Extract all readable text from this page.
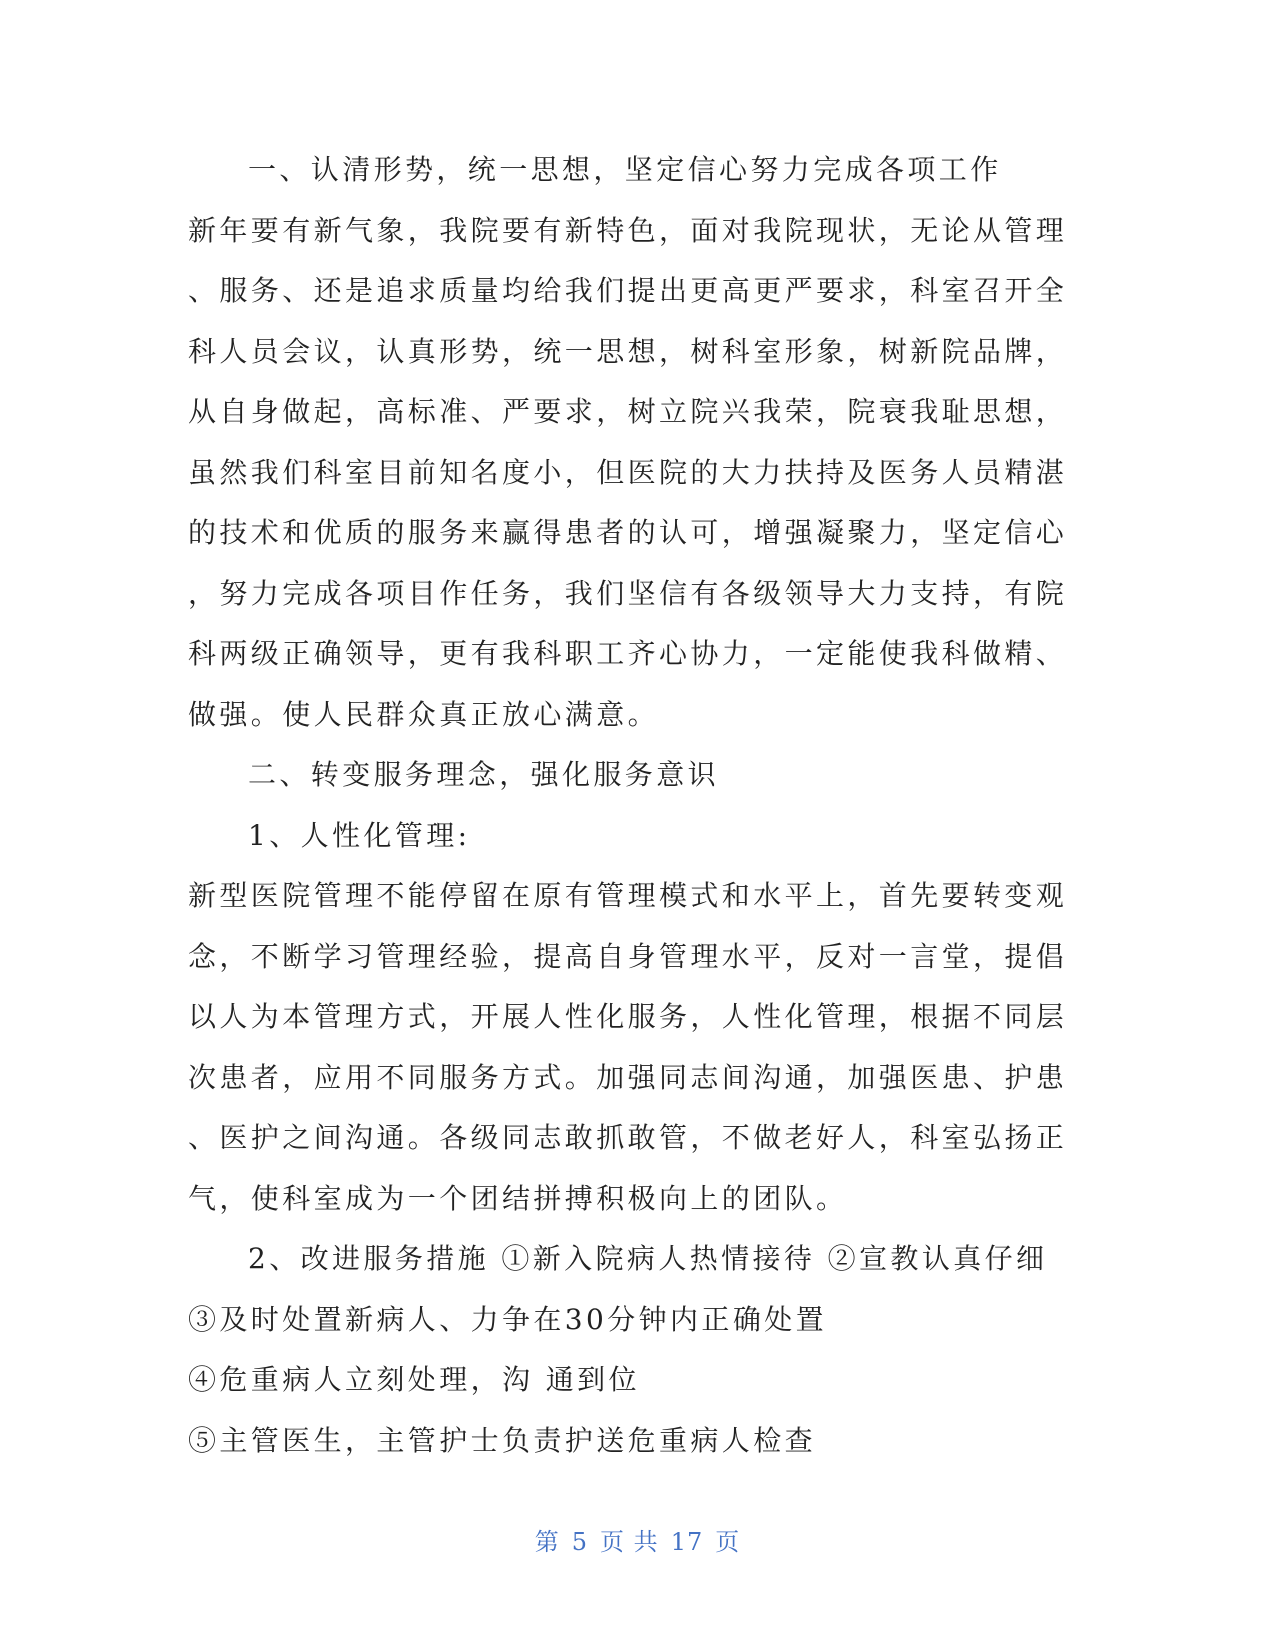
一、认清形势，统一思想，坚定信心努力完成各项工作
新年要有新气象，我院要有新特色，面对我院现状，无论从管理
、服务、还是追求质量均给我们提出更高更严要求，科室召开全
科人员会议，认真形势，统一思想，树科室形象，树新院品牌，
从自身做起，高标准、严要求，树立院兴我荣，院衰我耻思想，
虽然我们科室目前知名度小，但医院的大力扶持及医务人员精湛
的技术和优质的服务来赢得患者的认可，增强凝聚力，坚定信心
，努力完成各项目作任务，我们坚信有各级领导大力支持，有院
科两级正确领导，更有我科职工齐心协力，一定能使我科做精、
做强。使人民群众真正放心满意。
二、转变服务理念，强化服务意识
1、人性化管理:
新型医院管理不能停留在原有管理模式和水平上，首先要转变观
念，不断学习管理经验，提高自身管理水平，反对一言堂，提倡
以人为本管理方式，开展人性化服务，人性化管理，根据不同层
次患者，应用不同服务方式。加强同志间沟通，加强医患、护患
、医护之间沟通。各级同志敢抓敢管，不做老好人，科室弘扬正
气，使科室成为一个团结拼搏积极向上的团队。
2、改进服务措施 ①新入院病人热情接待 ②宣教认真仔细
③及时处置新病人、力争在30分钟内正确处置
④危重病人立刻处理，沟 通到位
⑤主管医生，主管护士负责护送危重病人检查
第 5 页 共 17 页
